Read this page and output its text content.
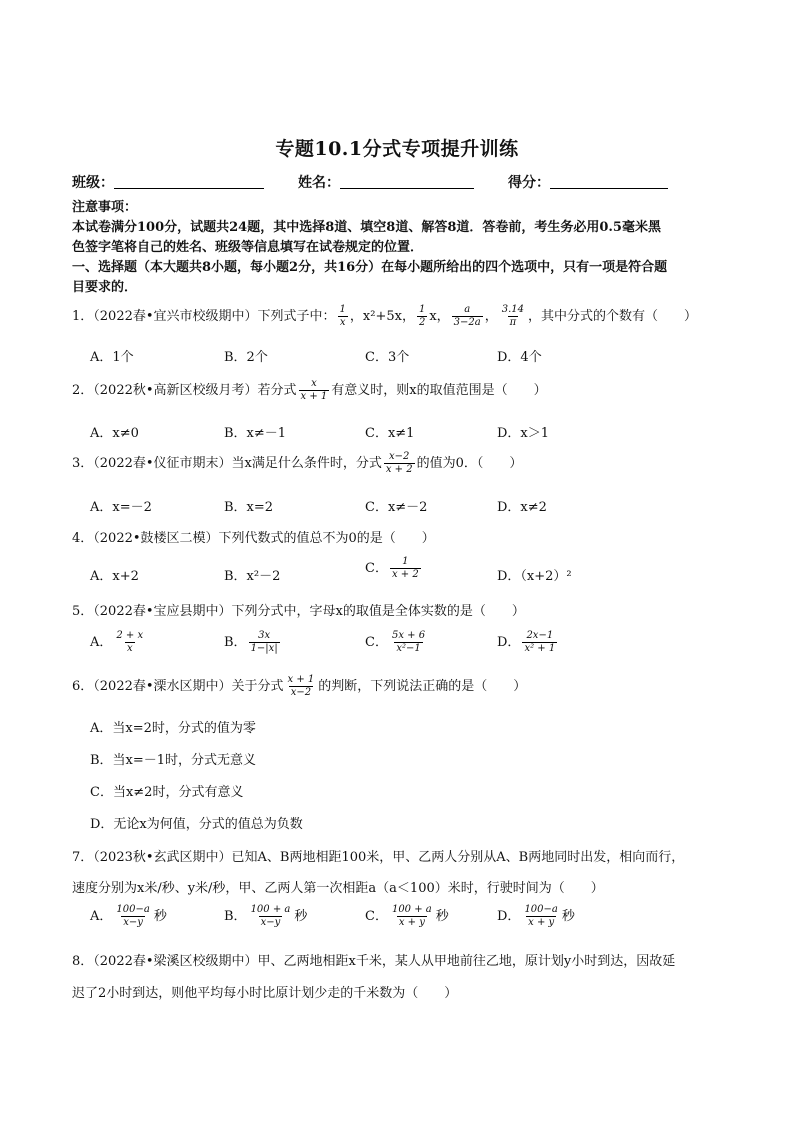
专题10.1分式专项提升训练
班级：	姓名：	得分：
注意事项：
本试卷满分100分，试题共24题，其中选择8道、填空8道、解答8道．答卷前，考生务必用0.5毫米黑
色签字笔将自己的姓名、班级等信息填写在试卷规定的位置．
一、选择题（本大题共8小题，每小题2分，共16分）在每小题所给出的四个选项中，只有一项是符合题
目要求的．
1．（2022春•宜兴市校级期中）下列式子中： $\frac{1}{x}$ ，x²+5x， $\frac{1}{2}$ x， $\frac{a}{3-2a}$ ， $\frac{3.14}{\pi}$ ，其中分式的个数有（　　）
A．1个	B．2个	C．3个	D．4个
2．（2022秋•高新区校级月考）若分式 $\frac{x}{x + 1}$ 有意义时，则x的取值范围是（　　）
A．x≠0	B．x≠－1	C．x≠1	D．x＞1
3．（2022春•仪征市期末）当x满足什么条件时，分式 $\frac{x-2}{x + 2}$ 的值为0．（　　）
A．x=－2	B．x=2	C．x≠－2	D．x≠2
4．（2022•鼓楼区二模）下列代数式的值总不为0的是（　　）
A．x+2	B．x²－2
C． $\frac{1}{x + 2}$	D．（x+2）²
5．（2022春•宝应县期中）下列分式中，字母x的取值是全体实数的是（　　）
A． $\frac{2 + x}{x}$	B． $\frac{3x}{1-|x|}$	C． $\frac{5x + 6}{\text{x²−1}}$	D． $\frac{2x-1}{\text{x² + 1}}$
6．（2022春•溧水区期中）关于分式 $\frac{x + 1}{x-2}$ 的判断，下列说法正确的是（　　）
A．当x=2时，分式的值为零
B．当x=－1时，分式无意义
C．当x≠2时，分式有意义
D．无论x为何值，分式的值总为负数
7．（2023秋•玄武区期中）已知A、B两地相距100米，甲、乙两人分别从A、B两地同时出发，相向而行，
速度分别为x米/秒、y米/秒，甲、乙两人第一次相距a（a＜100）米时，行驶时间为（　　）
A． $\frac{100-a}{x-y}$ 秒	B． $\frac{100 + a}{x-y}$ 秒	C． $\frac{100 + a}{x + y}$ 秒	D． $\frac{100-a}{x + y}$ 秒
8．（2022春•梁溪区校级期中）甲、乙两地相距x千米，某人从甲地前往乙地，原计划y小时到达，因故延
迟了2小时到达，则他平均每小时比原计划少走的千米数为（　　）
